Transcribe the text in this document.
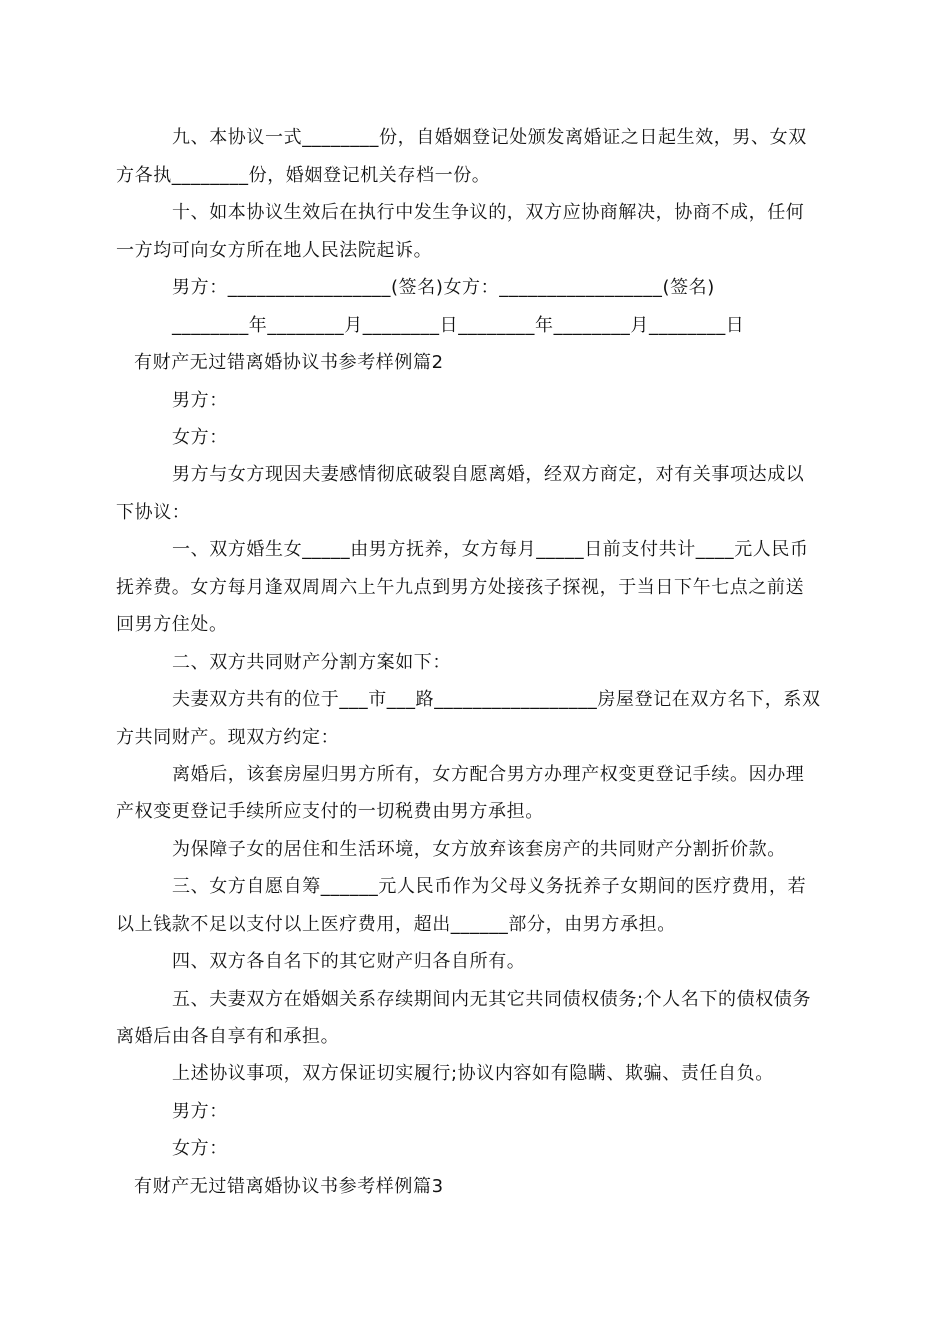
九、本协议一式________份，自婚姻登记处颁发离婚证之日起生效，男、女双
方各执________份，婚姻登记机关存档一份。
十、如本协议生效后在执行中发生争议的，双方应协商解决，协商不成，任何
一方均可向女方所在地人民法院起诉。
男方：_________________(签名)女方：_________________(签名)
________年________月________日________年________月________日
有财产无过错离婚协议书参考样例篇2
男方：
女方：
男方与女方现因夫妻感情彻底破裂自愿离婚，经双方商定，对有关事项达成以
下协议：
一、双方婚生女_____由男方抚养，女方每月_____日前支付共计____元人民币
抚养费。女方每月逢双周周六上午九点到男方处接孩子探视，于当日下午七点之前送
回男方住处。
二、双方共同财产分割方案如下：
夫妻双方共有的位于___市___路_________________房屋登记在双方名下，系双
方共同财产。现双方约定：
离婚后，该套房屋归男方所有，女方配合男方办理产权变更登记手续。因办理
产权变更登记手续所应支付的一切税费由男方承担。
为保障子女的居住和生活环境，女方放弃该套房产的共同财产分割折价款。
三、女方自愿自筹______元人民币作为父母义务抚养子女期间的医疗费用，若
以上钱款不足以支付以上医疗费用，超出______部分，由男方承担。
四、双方各自名下的其它财产归各自所有。
五、夫妻双方在婚姻关系存续期间内无其它共同债权债务;个人名下的债权债务
离婚后由各自享有和承担。
上述协议事项，双方保证切实履行;协议内容如有隐瞒、欺骗、责任自负。
男方：
女方：
有财产无过错离婚协议书参考样例篇3
